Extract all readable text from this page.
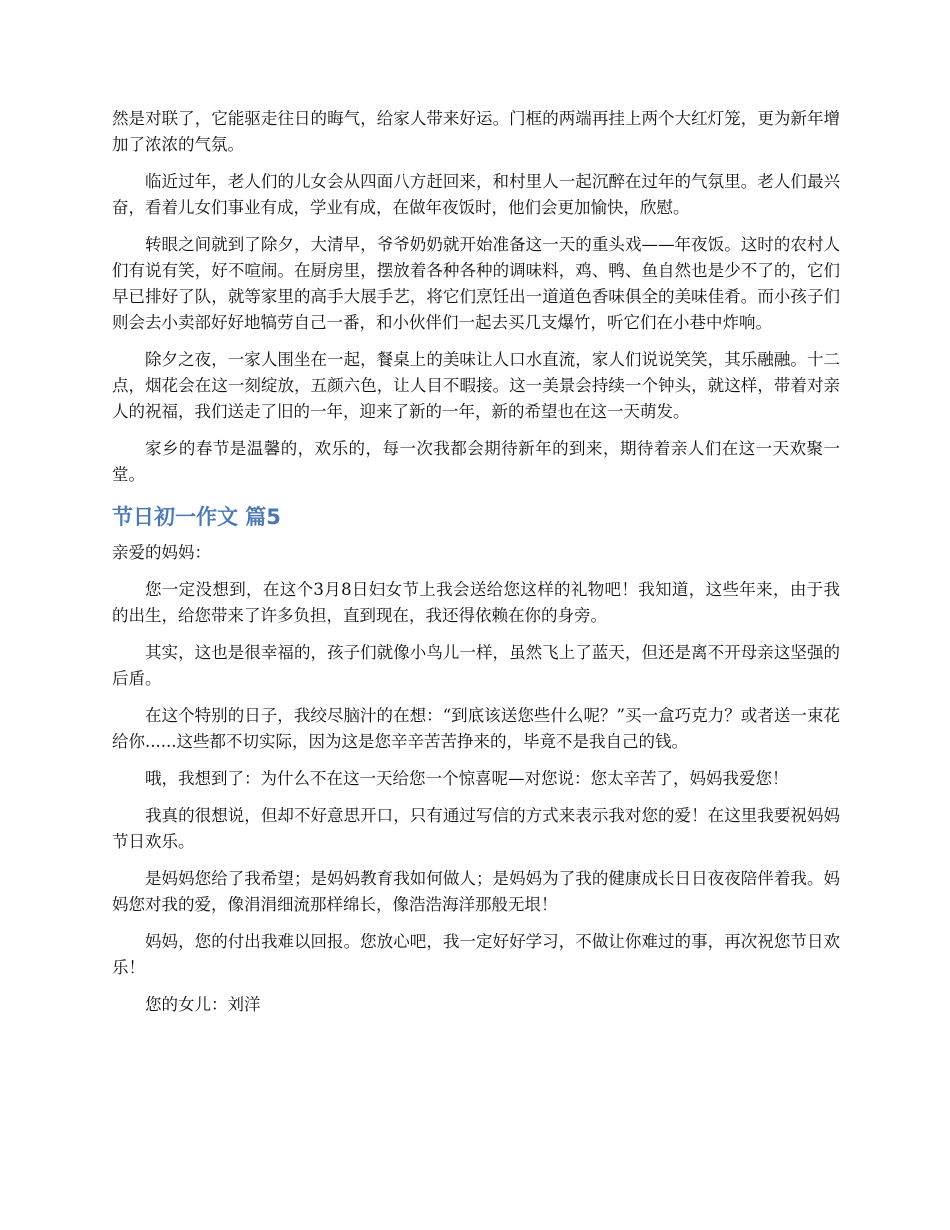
然是对联了，它能驱走往日的晦气，给家人带来好运。门框的两端再挂上两个大红灯笼，更为新年增加了浓浓的气氛。

临近过年，老人们的儿女会从四面八方赶回来，和村里人一起沉醉在过年的气氛里。老人们最兴奋，看着儿女们事业有成，学业有成，在做年夜饭时，他们会更加愉快，欣慰。

转眼之间就到了除夕，大清早，爷爷奶奶就开始准备这一天的重头戏——年夜饭。这时的农村人们有说有笑，好不喧闹。在厨房里，摆放着各种各种的调味料，鸡、鸭、鱼自然也是少不了的，它们早已排好了队，就等家里的高手大展手艺，将它们烹饪出一道道色香味俱全的美味佳肴。而小孩子们则会去小卖部好好地犒劳自己一番，和小伙伴们一起去买几支爆竹，听它们在小巷中炸响。

除夕之夜，一家人围坐在一起，餐桌上的美味让人口水直流，家人们说说笑笑，其乐融融。十二点，烟花会在这一刻绽放，五颜六色，让人目不暇接。这一美景会持续一个钟头，就这样，带着对亲人的祝福，我们送走了旧的一年，迎来了新的一年，新的希望也在这一天萌发。

家乡的春节是温馨的，欢乐的，每一次我都会期待新年的到来，期待着亲人们在这一天欢聚一堂。

节日初一作文 篇5

亲爱的妈妈：

您一定没想到，在这个3月8日妇女节上我会送给您这样的礼物吧！我知道，这些年来，由于我的出生，给您带来了许多负担，直到现在，我还得依赖在你的身旁。

其实，这也是很幸福的，孩子们就像小鸟儿一样，虽然飞上了蓝天，但还是离不开母亲这坚强的后盾。

在这个特别的日子，我绞尽脑汁的在想：“到底该送您些什么呢？”买一盒巧克力？或者送一束花给你......这些都不切实际，因为这是您辛辛苦苦挣来的，毕竟不是我自己的钱。

哦，我想到了：为什么不在这一天给您一个惊喜呢—对您说：您太辛苦了，妈妈我爱您！

我真的很想说，但却不好意思开口，只有通过写信的方式来表示我对您的爱！在这里我要祝妈妈节日欢乐。

是妈妈您给了我希望；是妈妈教育我如何做人；是妈妈为了我的健康成长日日夜夜陪伴着我。妈妈您对我的爱，像涓涓细流那样绵长，像浩浩海洋那般无垠！

妈妈，您的付出我难以回报。您放心吧，我一定好好学习，不做让你难过的事，再次祝您节日欢乐！

您的女儿：刘洋
